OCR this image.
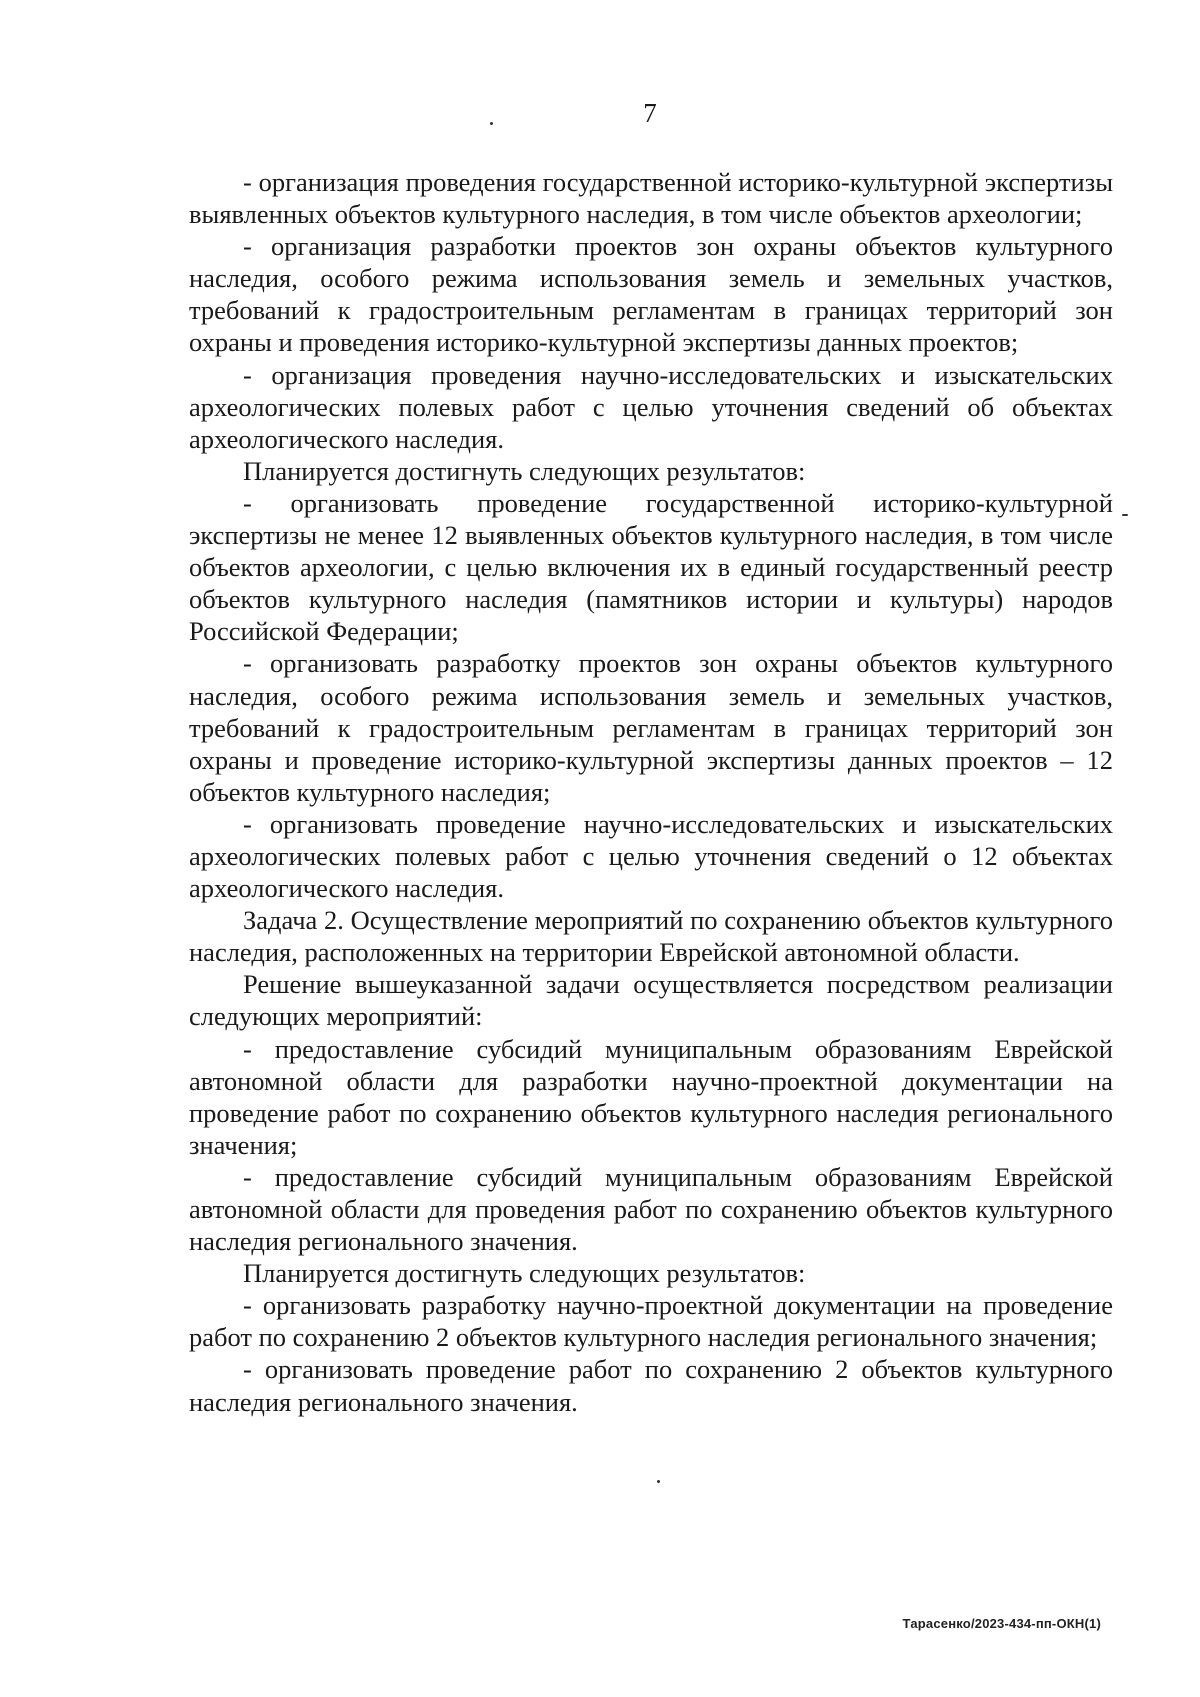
7

- организация проведения государственной историко-культурной экспертизы выявленных объектов культурного наследия, в том числе объектов археологии;

- организация разработки проектов зон охраны объектов культурного наследия, особого режима использования земель и земельных участков, требований к градостроительным регламентам в границах территорий зон охраны и проведения историко-культурной экспертизы данных проектов;

- организация проведения научно-исследовательских и изыскательских археологических полевых работ с целью уточнения сведений об объектах археологического наследия.

Планируется достигнуть следующих результатов:

- организовать проведение государственной историко-культурной экспертизы не менее 12 выявленных объектов культурного наследия, в том числе объектов археологии, с целью включения их в единый государственный реестр объектов культурного наследия (памятников истории и культуры) народов Российской Федерации;

- организовать разработку проектов зон охраны объектов культурного наследия, особого режима использования земель и земельных участков, требований к градостроительным регламентам в границах территорий зон охраны и проведение историко-культурной экспертизы данных проектов – 12 объектов культурного наследия;

- организовать проведение научно-исследовательских и изыскательских археологических полевых работ с целью уточнения сведений о 12 объектах археологического наследия.

Задача 2. Осуществление мероприятий по сохранению объектов культурного наследия, расположенных на территории Еврейской автономной области.

Решение вышеуказанной задачи осуществляется посредством реализации следующих мероприятий:

- предоставление субсидий муниципальным образованиям Еврейской автономной области для разработки научно-проектной документации на проведение работ по сохранению объектов культурного наследия регионального значения;

- предоставление субсидий муниципальным образованиям Еврейской автономной области для проведения работ по сохранению объектов культурного наследия регионального значения.

Планируется достигнуть следующих результатов:

- организовать разработку научно-проектной документации на проведение работ по сохранению 2 объектов культурного наследия регионального значения;

- организовать проведение работ по сохранению 2 объектов культурного наследия регионального значения.

Тарасенко/2023-434-пп-ОКН(1)
